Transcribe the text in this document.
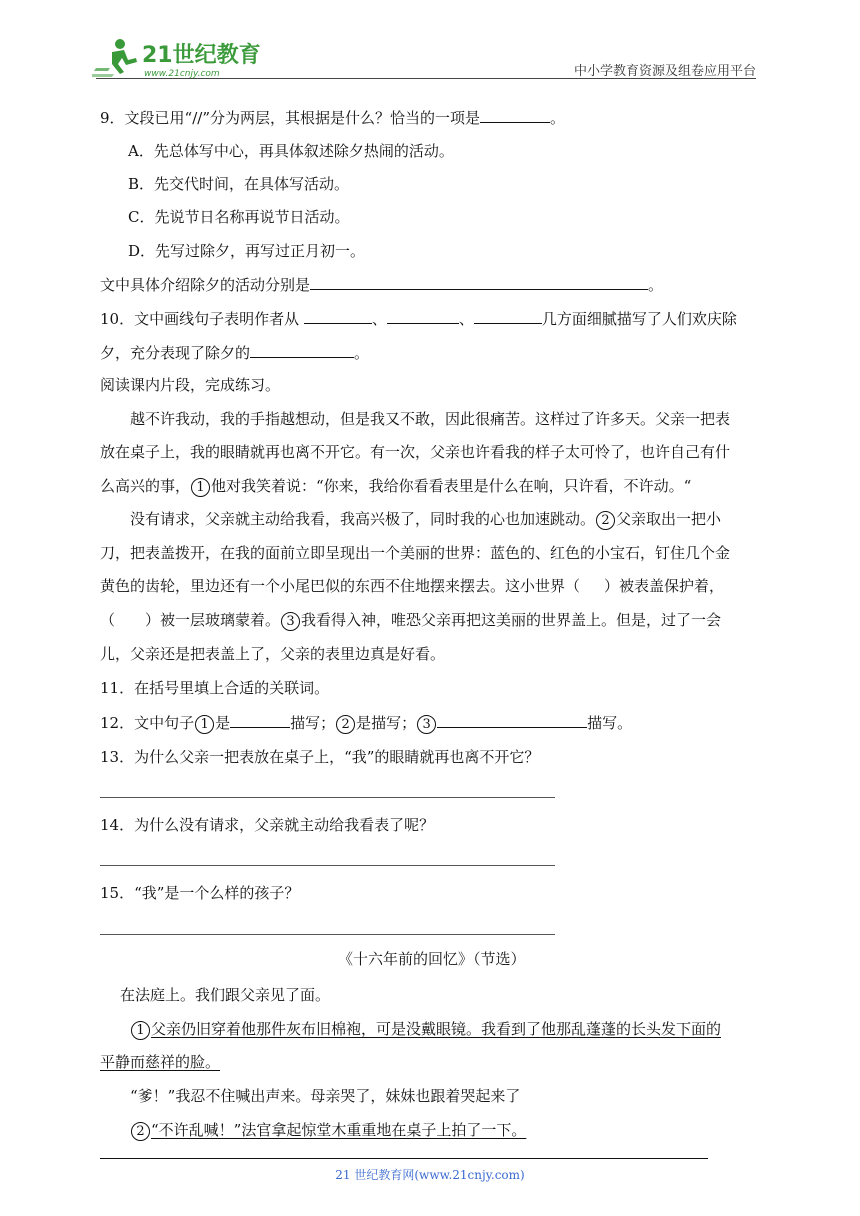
21世纪教育
www.21cnjy.com	中小学教育资源及组卷应用平台
9．文段已用“//”分为两层，其根据是什么？恰当的一项是	。
A．先总体写中心，再具体叙述除夕热闹的活动。
B．先交代时间，在具体写活动。
C．先说节日名称再说节日活动。
D．先写过除夕，再写过正月初一。
文中具体介绍除夕的活动分别是	。
10．文中画线句子表明作者从	、	、	几方面细腻描写了人们欢庆除
夕，充分表现了除夕的	。
阅读课内片段，完成练习。
越不许我动，我的手指越想动，但是我又不敢，因此很痛苦。这样过了许多天。父亲一把表
放在桌子上，我的眼睛就再也离不开它。有一次，父亲也许看我的样子太可怜了，也许自己有什
么高兴的事， 1 他对我笑着说：“你来，我给你看看表里是什么在响，只许看，不许动。“
没有请求，父亲就主动给我看，我高兴极了，同时我的心也加速跳动。 2 父亲取出一把小
刀，把表盖拨开，在我的面前立即呈现出一个美丽的世界：蓝色的、红色的小宝石，钉住几个金
黄色的齿轮，里边还有一个小尾巴似的东西不住地摆来摆去。这小世界（ ）被表盖保护着，
（ ）被一层玻璃蒙着。 3 我看得入神，唯恐父亲再把这美丽的世界盖上。但是，过了一会
儿，父亲还是把表盖上了，父亲的表里边真是好看。
11．在括号里填上合适的关联词。
12．文中句子 1 是	描写； 2 是描写； 3	描写。
13．为什么父亲一把表放在桌子上，“我”的眼睛就再也离不开它？
14．为什么没有请求，父亲就主动给我看表了呢？
15．“我”是一个么样的孩子？
《十六年前的回忆》（节选）
在法庭上。我们跟父亲见了面。
1 父亲仍旧穿着他那件灰布旧棉袍，可是没戴眼镜。我看到了他那乱蓬蓬的长头发下面的
平静而慈祥的脸。
“爹！”我忍不住喊出声来。母亲哭了，妹妹也跟着哭起来了
2 “不许乱喊！”法官拿起惊堂木重重地在桌子上拍了一下。
21 世纪教育网(www.21cnjy.com)
